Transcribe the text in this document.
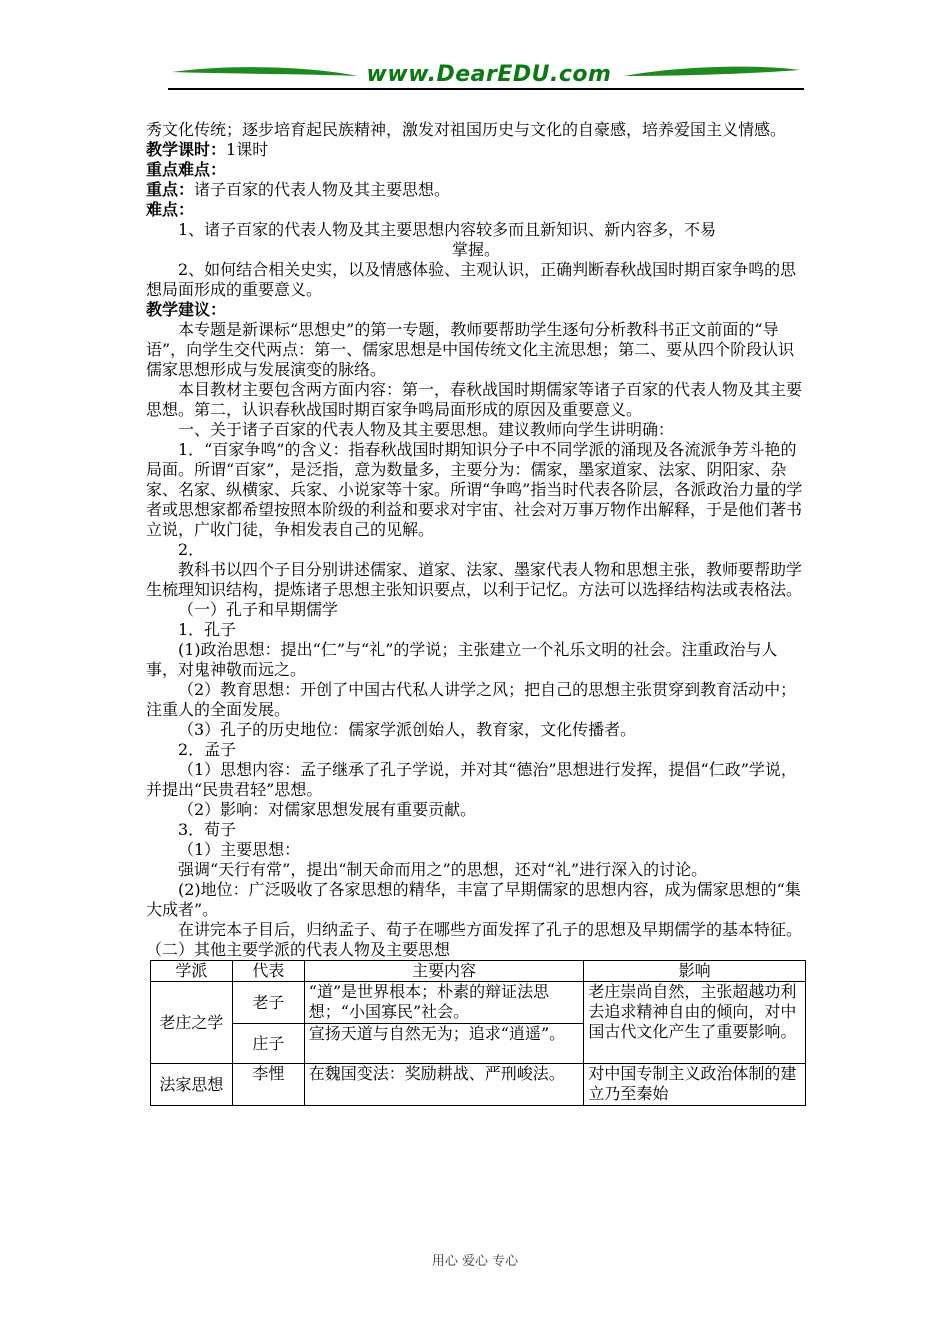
www.DearEDU.com

秀文化传统；逐步培育起民族精神，激发对祖国历史与文化的自豪感，培养爱国主义情感。

教学课时：1课时

重点难点：

重点：诸子百家的代表人物及其主要思想。

难点：

1、诸子百家的代表人物及其主要思想内容较多而且新知识、新内容多，不易

掌握。

2、如何结合相关史实，以及情感体验、主观认识，正确判断春秋战国时期百家争鸣的思想局面形成的重要意义。

教学建议：

本专题是新课标“思想史”的第一专题，教师要帮助学生逐句分析教科书正文前面的“导语”，向学生交代两点：第一、儒家思想是中国传统文化主流思想；第二、要从四个阶段认识儒家思想形成与发展演变的脉络。

本目教材主要包含两方面内容：第一，春秋战国时期儒家等诸子百家的代表人物及其主要思想。第二，认识春秋战国时期百家争鸣局面形成的原因及重要意义。

一、关于诸子百家的代表人物及其主要思想。建议教师向学生讲明确：

1．“百家争鸣”的含义：指春秋战国时期知识分子中不同学派的涌现及各流派争芳斗艳的局面。所谓“百家”，是泛指，意为数量多，主要分为：儒家，墨家道家、法家、阴阳家、杂家、名家、纵横家、兵家、小说家等十家。所谓“争鸣”指当时代表各阶层，各派政治力量的学者或思想家都希望按照本阶级的利益和要求对宇宙、社会对万事万物作出解释，于是他们著书立说，广收门徒，争相发表自己的见解。

2．

教科书以四个子目分别讲述儒家、道家、法家、墨家代表人物和思想主张，教师要帮助学生梳理知识结构，提炼诸子思想主张知识要点，以利于记忆。方法可以选择结构法或表格法。

（一）孔子和早期儒学

1．孔子

(1)政治思想：提出“仁”与“礼”的学说；主张建立一个礼乐文明的社会。注重政治与人事，对鬼神敬而远之。

（2）教育思想：开创了中国古代私人讲学之风；把自己的思想主张贯穿到教育活动中；注重人的全面发展。

（3）孔子的历史地位：儒家学派创始人，教育家，文化传播者。

2．孟子

（1）思想内容：孟子继承了孔子学说，并对其“德治”思想进行发挥，提倡“仁政”学说，并提出“民贵君轻”思想。

（2）影响：对儒家思想发展有重要贡献。

3．荀子

（1）主要思想：

强调“天行有常”，提出“制天命而用之”的思想，还对“礼”进行深入的讨论。

(2)地位：广泛吸收了各家思想的精华，丰富了早期儒家的思想内容，成为儒家思想的“集大成者”。

在讲完本子目后，归纳孟子、荀子在哪些方面发挥了孔子的思想及早期儒学的基本特征。

（二）其他主要学派的代表人物及主要思想

学派	代表	主要内容	影响
老庄之学	老子	“道”是世界根本；朴素的辩证法思想；“小国寡民”社会。	老庄崇尚自然，主张超越功利去追求精神自由的倾向，对中国古代文化产生了重要影响。
	庄子	宣扬天道与自然无为；追求“逍遥”。	
法家思想	李悝	在魏国变法：奖励耕战、严刑峻法。	对中国专制主义政治体制的建立乃至秦始
用心 爱心 专心
